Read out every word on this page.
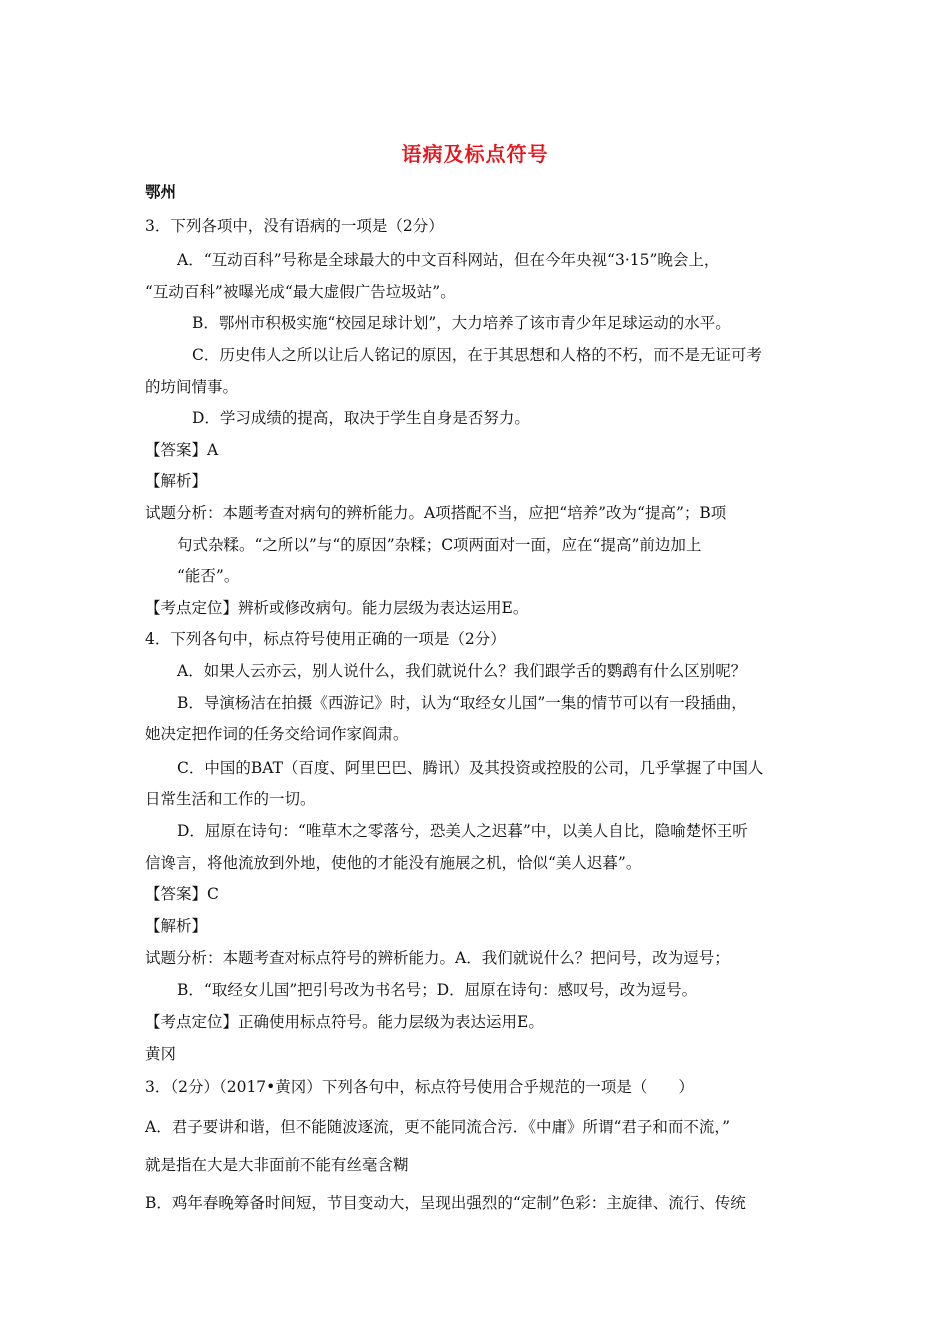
语病及标点符号
鄂州
3．下列各项中，没有语病的一项是（2分）
A．“互动百科”号称是全球最大的中文百科网站，但在今年央视“3·15”晚会上，
“互动百科”被曝光成“最大虚假广告垃圾站”。
B．鄂州市积极实施“校园足球计划”，大力培养了该市青少年足球运动的水平。
C．历史伟人之所以让后人铭记的原因，在于其思想和人格的不朽，而不是无证可考
的坊间情事。
D．学习成绩的提高，取决于学生自身是否努力。
【答案】A
【解析】
试题分析：本题考查对病句的辨析能力。A项搭配不当，应把“培养”改为“提高”；B项
句式杂糅。“之所以”与“的原因”杂糅；C项两面对一面，应在“提高”前边加上
“能否”。
【考点定位】辨析或修改病句。能力层级为表达运用E。
4．下列各句中，标点符号使用正确的一项是（2分）
A．如果人云亦云，别人说什么，我们就说什么？我们跟学舌的鹦鹉有什么区别呢？
B．导演杨洁在拍摄《西游记》时，认为“取经女儿国”一集的情节可以有一段插曲，
她决定把作词的任务交给词作家阎肃。
C．中国的BAT（百度、阿里巴巴、腾讯）及其投资或控股的公司，几乎掌握了中国人
日常生活和工作的一切。
D．屈原在诗句：“唯草木之零落兮，恐美人之迟暮”中，以美人自比，隐喻楚怀王听
信谗言，将他流放到外地，使他的才能没有施展之机，恰似“美人迟暮”。
【答案】C
【解析】
试题分析：本题考查对标点符号的辨析能力。A．我们就说什么？把问号，改为逗号；
B．“取经女儿国”把引号改为书名号；D．屈原在诗句：感叹号，改为逗号。
【考点定位】正确使用标点符号。能力层级为表达运用E。
黄冈
3．（2分）（2017•黄冈）下列各句中，标点符号使用合乎规范的一项是（　　）
A．君子要讲和谐，但不能随波逐流，更不能同流合污．《中庸》所谓“君子和而不流，”
就是指在大是大非面前不能有丝毫含糊
B．鸡年春晚筹备时间短，节目变动大，呈现出强烈的“定制”色彩：主旋律、流行、传统
